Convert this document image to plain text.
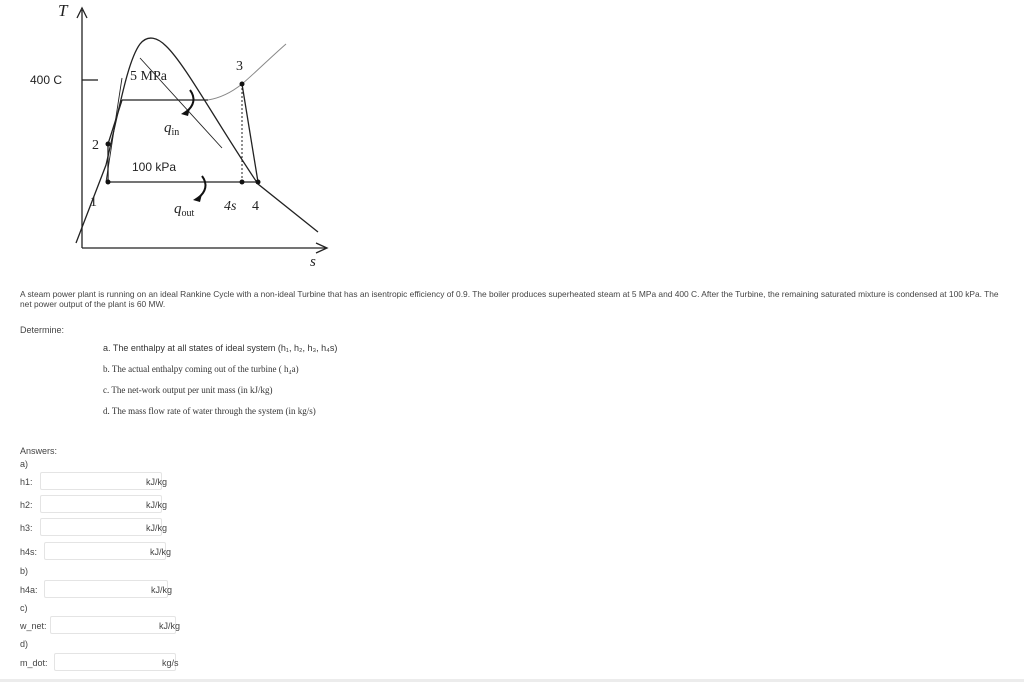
T
s
400 C	5 MPa
100 kPa
$q_{in}$
$q_{out}$
1
2
3
4s 4
A steam power plant is running on an ideal Rankine Cycle with a non-ideal Turbine that has an isentropic efficiency of 0.9. The boiler produces superheated steam at 5 MPa and 400 C. After the Turbine, the remaining saturated mixture is condensed at 100 kPa. The net power output of the plant is 60 MW.
Determine:
a. The enthalpy at all states of ideal system (h₁, h₂, h₃, h₄s)
b. The actual enthalpy coming out of the turbine ( h₄a)
c. The net-work output per unit mass (in kJ/kg)
d. The mass flow rate of water through the system (in kg/s)
Answers:
a)
h1:	kJ/kg
h2:	kJ/kg
h3:	kJ/kg
h4s:	kJ/kg
b)
h4a:	kJ/kg
c)
w_net:	kJ/kg
d)
m_dot:	kg/s
